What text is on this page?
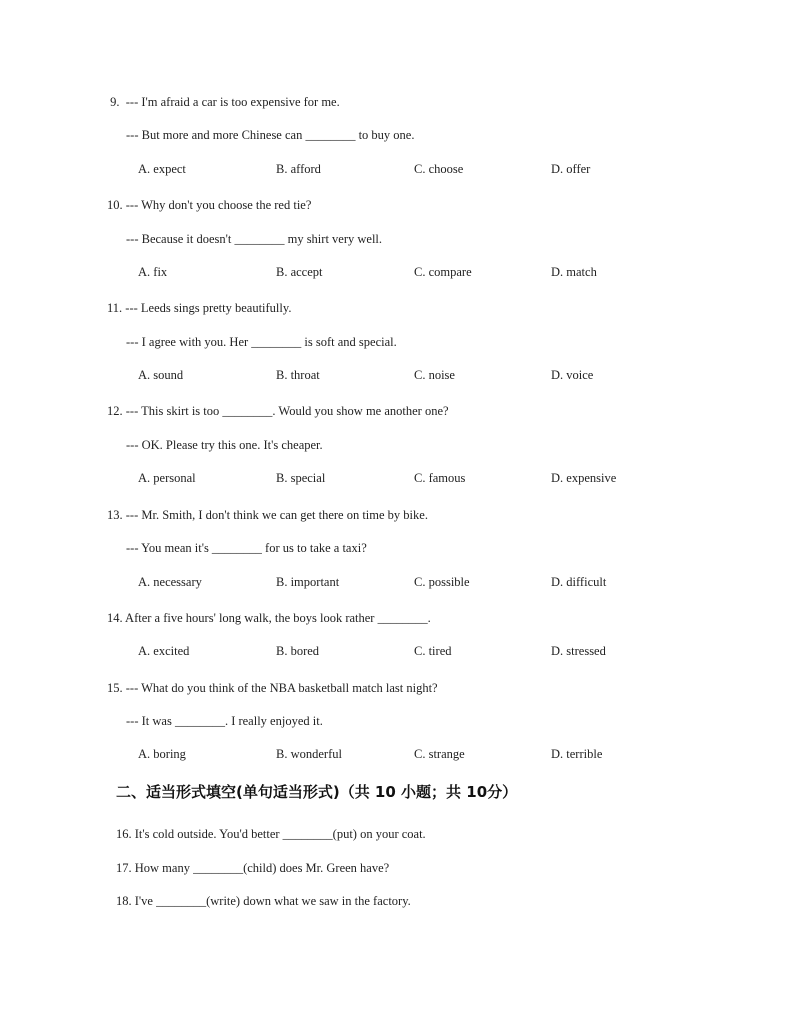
9.  --- I'm afraid a car is too expensive for me.
--- But more and more Chinese can ________ to buy one.
A. expect	B. afford	C. choose	D. offer
10. --- Why don't you choose the red tie?
--- Because it doesn't ________ my shirt very well.
A. fix	B. accept	C. compare	D. match
11. --- Leeds sings pretty beautifully.
--- I agree with you. Her ________ is soft and special.
A. sound	B. throat	C. noise	D. voice
12. --- This skirt is too ________. Would you show me another one?
--- OK. Please try this one. It's cheaper.
A. personal	B. special	C. famous	D. expensive
13. --- Mr. Smith, I don't think we can get there on time by bike.
--- You mean it's ________ for us to take a taxi?
A. necessary	B. important	C. possible	D. difficult
14. After a five hours' long walk, the boys look rather ________.
A. excited	B. bored	C. tired	D. stressed
15. --- What do you think of the NBA basketball match last night?
--- It was ________. I really enjoyed it.
A. boring	B. wonderful	C. strange	D. terrible
二、适当形式填空(单句适当形式)（共 10 小题；共 10分）
16. It's cold outside. You'd better ________(put) on your coat.
17. How many ________(child) does Mr. Green have?
18. I've ________(write) down what we saw in the factory.
